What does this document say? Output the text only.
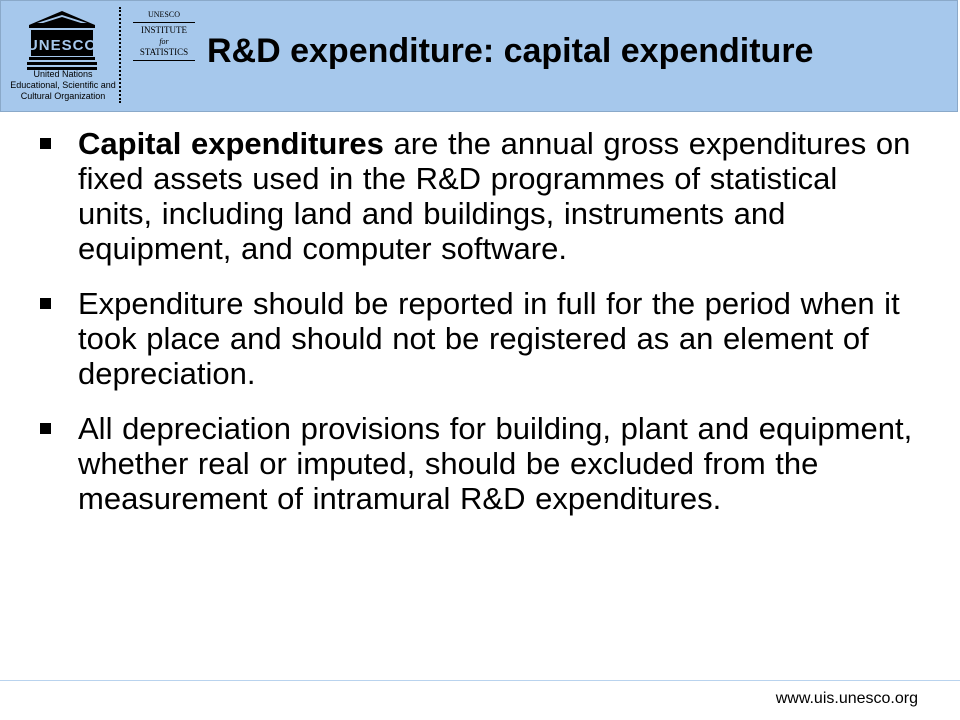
UNESCO
United Nations
Educational, Scientific and
Cultural Organization
UNESCO
INSTITUTE
for
STATISTICS R&D expenditure: capital expenditure
Capital expenditures are the annual gross expenditures on fixed assets used in the R&D programmes of statistical units, including land and buildings, instruments and equipment, and computer software.
Expenditure should be reported in full for the period when it took place and should not be registered as an element of depreciation.
All depreciation provisions for building, plant and equipment, whether real or imputed, should be excluded from the measurement of intramural R&D expenditures.
www.uis.unesco.org
